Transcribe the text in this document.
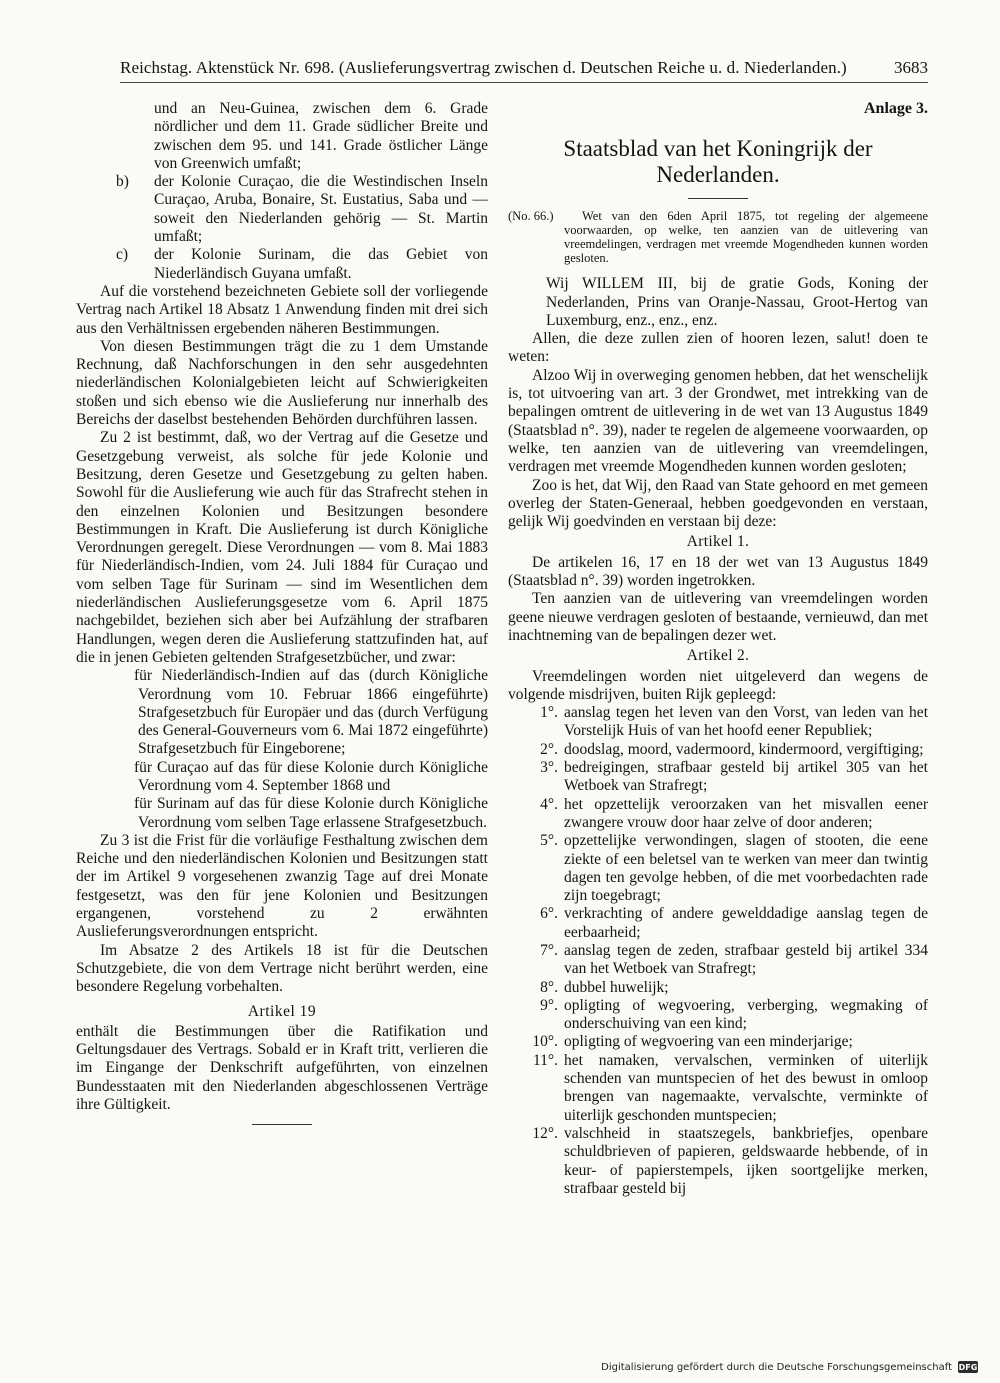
Reichstag. Aktenstück Nr. 698. (Auslieferungsvertrag zwischen d. Deutschen Reiche u. d. Niederlanden.)	3683
und an Neu-Guinea, zwischen dem 6. Grade nördlicher und dem 11. Grade südlicher Breite und zwischen dem 95. und 141. Grade östlicher Länge von Greenwich umfaßt;
b)	der Kolonie Curaçao, die die Westindischen Inseln Curaçao, Aruba, Bonaire, St. Eustatius, Saba und — soweit den Niederlanden gehörig — St. Martin umfaßt;
c)	der Kolonie Surinam, die das Gebiet von Niederländisch Guyana umfaßt.

Auf die vorstehend bezeichneten Gebiete soll der vorliegende Vertrag nach Artikel 18 Absatz 1 Anwendung finden mit drei sich aus den Verhältnissen ergebenden näheren Bestimmungen.

Von diesen Bestimmungen trägt die zu 1 dem Umstande Rechnung, daß Nachforschungen in den sehr ausgedehnten niederländischen Kolonialgebieten leicht auf Schwierigkeiten stoßen und sich ebenso wie die Auslieferung nur innerhalb des Bereichs der daselbst bestehenden Behörden durchführen lassen.

Zu 2 ist bestimmt, daß, wo der Vertrag auf die Gesetze und Gesetzgebung verweist, als solche für jede Kolonie und Besitzung, deren Gesetze und Gesetzgebung zu gelten haben. Sowohl für die Auslieferung wie auch für das Strafrecht stehen in den einzelnen Kolonien und Besitzungen besondere Bestimmungen in Kraft. Die Auslieferung ist durch Königliche Verordnungen geregelt. Diese Verordnungen — vom 8. Mai 1883 für Niederländisch-Indien, vom 24. Juli 1884 für Curaçao und vom selben Tage für Surinam — sind im Wesentlichen dem niederländischen Auslieferungsgesetze vom 6. April 1875 nachgebildet, beziehen sich aber bei Aufzählung der strafbaren Handlungen, wegen deren die Auslieferung stattzufinden hat, auf die in jenen Gebieten geltenden Strafgesetzbücher, und zwar:

für Niederländisch-Indien auf das (durch Königliche Verordnung vom 10. Februar 1866 eingeführte) Strafgesetzbuch für Europäer und das (durch Verfügung des General-Gouverneurs vom 6. Mai 1872 eingeführte) Strafgesetzbuch für Eingeborene;

für Curaçao auf das für diese Kolonie durch Königliche Verordnung vom 4. September 1868 und

für Surinam auf das für diese Kolonie durch Königliche Verordnung vom selben Tage erlassene Strafgesetzbuch.

Zu 3 ist die Frist für die vorläufige Festhaltung zwischen dem Reiche und den niederländischen Kolonien und Besitzungen statt der im Artikel 9 vorgesehenen zwanzig Tage auf drei Monate festgesetzt, was den für jene Kolonien und Besitzungen ergangenen, vorstehend zu 2 erwähnten Auslieferungsverordnungen entspricht.

Im Absatze 2 des Artikels 18 ist für die Deutschen Schutzgebiete, die von dem Vertrage nicht berührt werden, eine besondere Regelung vorbehalten.

Artikel 19

enthält die Bestimmungen über die Ratifikation und Geltungsdauer des Vertrags. Sobald er in Kraft tritt, verlieren die im Eingange der Denkschrift aufgeführten, von einzelnen Bundesstaaten mit den Niederlanden abgeschlossenen Verträge ihre Gültigkeit.

Anlage 3.
Staatsblad van het Koningrijk der Nederlanden.
(No. 66.)	Wet van den 6den April 1875, tot regeling der algemeene voorwaarden, op welke, ten aanzien van de uitlevering van vreemdelingen, verdragen met vreemde Mogendheden kunnen worden gesloten.

Wij WILLEM III, bij de gratie Gods, Koning der Nederlanden, Prins van Oranje-Nassau, Groot-Hertog van Luxemburg, enz., enz., enz.

Allen, die deze zullen zien of hooren lezen, salut! doen te weten:

Alzoo Wij in overweging genomen hebben, dat het wenschelijk is, tot uitvoering van art. 3 der Grondwet, met intrekking van de bepalingen omtrent de uitlevering in de wet van 13 Augustus 1849 (Staatsblad n°. 39), nader te regelen de algemeene voorwaarden, op welke, ten aanzien van de uitlevering van vreemdelingen, verdragen met vreemde Mogendheden kunnen worden gesloten;

Zoo is het, dat Wij, den Raad van State gehoord en met gemeen overleg der Staten-Generaal, hebben goedgevonden en verstaan, gelijk Wij goedvinden en verstaan bij deze:

Artikel 1.

De artikelen 16, 17 en 18 der wet van 13 Augustus 1849 (Staatsblad n°. 39) worden ingetrokken.

Ten aanzien van de uitlevering van vreemdelingen worden geene nieuwe verdragen gesloten of bestaande, vernieuwd, dan met inachtneming van de bepalingen dezer wet.

Artikel 2.

Vreemdelingen worden niet uitgeleverd dan wegens de volgende misdrijven, buiten Rijk gepleegd:

1°. aanslag tegen het leven van den Vorst, van leden van het Vorstelijk Huis of van het hoofd eener Republiek;
2°. doodslag, moord, vadermoord, kindermoord, vergiftiging;
3°. bedreigingen, strafbaar gesteld bij artikel 305 van het Wetboek van Strafregt;
4°. het opzettelijk veroorzaken van het misvallen eener zwangere vrouw door haar zelve of door anderen;
5°. opzettelijke verwondingen, slagen of stooten, die eene ziekte of een beletsel van te werken van meer dan twintig dagen ten gevolge hebben, of die met voorbedachten rade zijn toegebragt;
6°. verkrachting of andere gewelddadige aanslag tegen de eerbaarheid;
7°. aanslag tegen de zeden, strafbaar gesteld bij artikel 334 van het Wetboek van Strafregt;
8°. dubbel huwelijk;
9°. opligting of wegvoering, verberging, wegmaking of onderschuiving van een kind;
10°. opligting of wegvoering van een minderjarige;
11°. het namaken, vervalschen, verminken of uiterlijk schenden van muntspecien of het des bewust in omloop brengen van nagemaakte, vervalschte, verminkte of uiterlijk geschonden muntspecien;
12°. valschheid in staatszegels, bankbriefjes, openbare schuldbrieven of papieren, geldswaarde hebbende, of in keur- of papierstempels, ijken soortgelijke merken, strafbaar gesteld bij
Digitalisierung gefördert durch die Deutsche Forschungsgemeinschaft DFG
